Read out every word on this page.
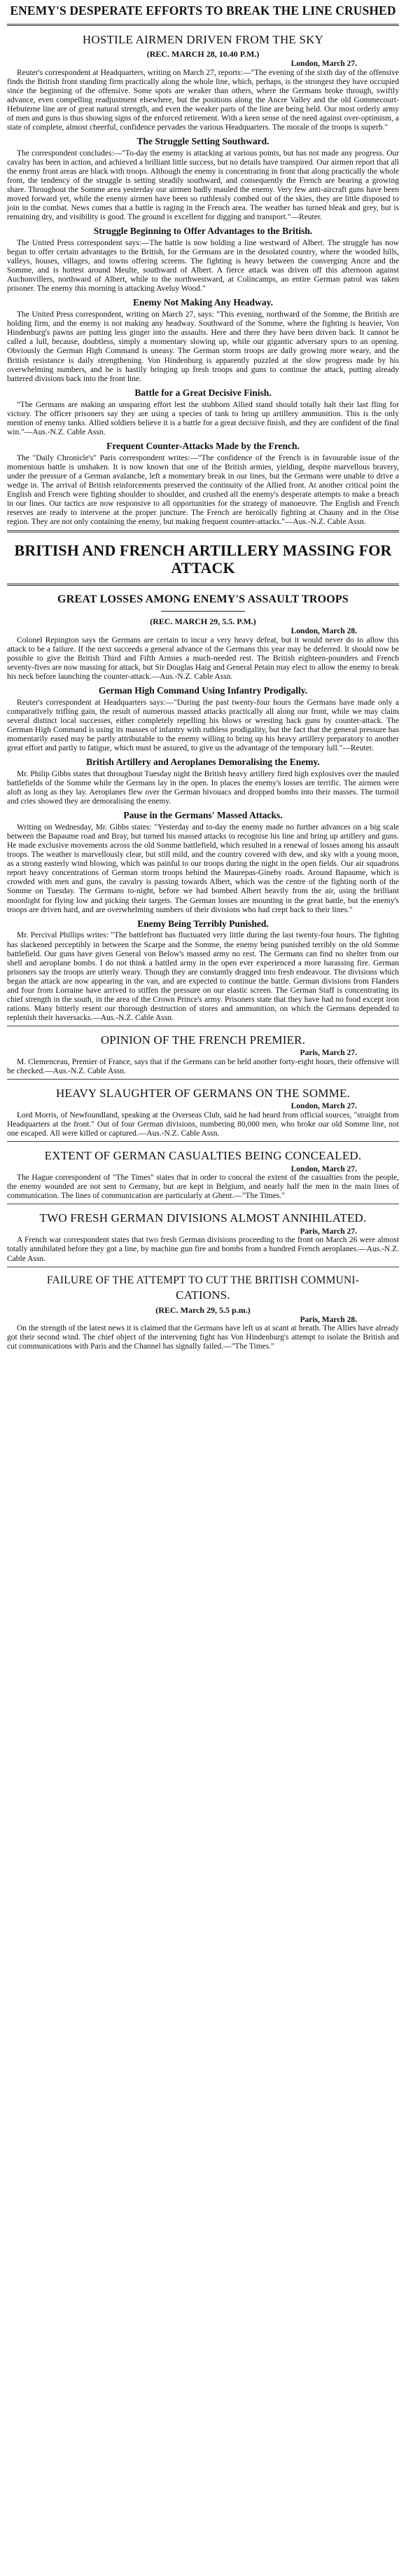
ENEMY'S DESPERATE EFFORTS TO BREAK THE LINE CRUSHED
HOSTILE AIRMEN DRIVEN FROM THE SKY
(REC. MARCH 28, 10.40 P.M.)
London, March 27.

Reuter's correspondent at Headquarters, writing on March 27, reports:—"The evening of the sixth day of the offensive finds the British front standing firm practically along the whole line, which, perhaps, is the strongest they have occupied since the beginning of the offensive. Some spots are weaker than others, where the Germans broke through, swiftly advance, even compelling readjustment elsewhere, but the positions along the Ancre Valley and the old Gommecourt-Hebuterne line are of great natural strength, and even the weaker parts of the line are being held. Our most orderly army of men and guns is thus showing signs of the enforced retirement. With a keen sense of the need against over-optimism, a state of complete, almost cheerful, confidence pervades the various Headquarters. The morale of the troops is superb."

The Struggle Setting Southward.

The correspondent concludes:—"To-day the enemy is attacking at various points, but has not made any progress. Our cavalry has been in action, and achieved a brilliant little success, but no details have transpired. Our airmen report that all the enemy front areas are black with troops. Although the enemy is concentrating in front that along practically the whole front, the tendency of the struggle is setting steadily southward, and consequently the French are bearing a growing share. Throughout the Somme area yesterday our airmen badly mauled the enemy. Very few anti-aircraft guns have been moved forward yet, while the enemy airmen have been so ruthlessly combed out of the skies, they are little disposed to join in the combat. News comes that a battle is raging in the French area. The weather has turned bleak and grey, but is remaining dry, and visibility is good. The ground is excellent for digging and transport."—Reuter.

Struggle Beginning to Offer Advantages to the British.

The United Press correspondent says:—The battle is now holding a line westward of Albert. The struggle has now begun to offer certain advantages to the British, for the Germans are in the desolated country, where the wooded hills, valleys, houses, villages, and towns offering screens. The fighting is heavy between the converging Ancre and the Somme, and is hottest around Meulte, southward of Albert. A fierce attack was driven off this afternoon against Auchonvillers, northward of Albert, while to the northwestward, at Colincamps, an entire German patrol was taken prisoner. The enemy this morning is attacking Aveluy Wood."

Enemy Not Making Any Headway.

The United Press correspondent, writing on March 27, says: "This evening, northward of the Somme, the British are holding firm, and the enemy is not making any headway. Southward of the Somme, where the fighting is heavier, Von Hindenburg's pawns are putting less ginger into the assaults. Here and there they have been driven back. It cannot be called a lull, because, doubtless, simply a momentary slowing up, while our gigantic adversary spurs to an opening. Obviously the German High Command is uneasy. The German storm troops are daily growing more weary, and the British resistance is daily strengthening. Von Hindenburg is apparently puzzled at the slow progress made by his overwhelming numbers, and he is hastily bringing up fresh troops and guns to continue the attack, putting already battered divisions back into the front line.

Battle for a Great Decisive Finish.

"The Germans are making an unsparing effort lest the stubborn Allied stand should totally halt their last fling for victory. The officer prisoners say they are using a species of tank to bring up artillery ammunition. This is the only mention of enemy tanks. Allied soldiers believe it is a battle for a great decisive finish, and they are confident of the final win."—Aus.-N.Z. Cable Assn.

Frequent Counter-Attacks Made by the French.

The "Daily Chronicle's" Paris correspondent writes:—"The confidence of the French is in favourable issue of the momentous battle is unshaken. It is now known that one of the British armies, yielding, despite marvellous bravery, under the pressure of a German avalanche, left a momentary break in our lines, but the Germans were unable to drive a wedge in. The arrival of British reinforcements preserved the continuity of the Allied front. At another critical point the English and French were fighting shoulder to shoulder, and crushed all the enemy's desperate attempts to make a breach in our lines. Our tactics are now responsive to all opportunities for the strategy of manoeuvre. The English and French reserves are ready to intervene at the proper juncture. The French are heroically fighting at Chauny and in the Oise region. They are not only containing the enemy, but making frequent counter-attacks."—Aus.-N.Z. Cable Assn.

BRITISH AND FRENCH ARTILLERY MASSING FOR ATTACK
GREAT LOSSES AMONG ENEMY'S ASSAULT TROOPS
(REC. MARCH 29, 5.5. P.M.)
London, March 28.

Colonel Repington says the Germans are certain to incur a very heavy defeat, but it would never do to allow this attack to be a failure. If the next succeeds a general advance of the Germans this year may be deferred. It should now be possible to give the British Third and Fifth Armies a much-needed rest. The British eighteen-pounders and French seventy-fives are now massing for attack, but Sir Douglas Haig and General Petain may elect to allow the enemy to break his neck before launching the counter-attack.—Aus.-N.Z. Cable Assn.

German High Command Using Infantry Prodigally.

Reuter's correspondent at Headquarters says:—"During the past twenty-four hours the Germans have made only a comparatively trifling gain, the result of numerous massed attacks practically all along our front, while we may claim several distinct local successes, either completely repelling his blows or wresting back guns by counter-attack. The German High Command is using its masses of infantry with ruthless prodigality, but the fact that the general pressure has momentarily eased may be partly attributable to the enemy willing to bring up his heavy artillery preparatory to another great effort and partly to fatigue, which must be assured, to give us the advantage of the temporary lull."—Reuter.

British Artillery and Aeroplanes Demoralising the Enemy.

Mr. Philip Gibbs states that throughout Tuesday night the British heavy artillery fired high explosives over the mauled battlefields of the Somme while the Germans lay in the open. In places the enemy's losses are terrific. The airmen were aloft as long as they lay. Aeroplanes flew over the German bivouacs and dropped bombs into their masses. The turmoil and cries showed they are demoralising the enemy.

Pause in the Germans' Massed Attacks.

Writing on Wednesday, Mr. Gibbs states: "Yesterday and to-day the enemy made no further advances on a big scale between the Bapaume road and Bray, but turned his massed attacks to recognise his line and bring up artillery and guns. He made exclusive movements across the old Somme battlefield, which resulted in a renewal of losses among his assault troops. The weather is marvellously clear, but still mild, and the country covered with dew, and sky with a young moon, as a strong easterly wind blowing, which was painful to our troops during the night in the open fields. Our air squadrons report heavy concentrations of German storm troops behind the Maurepas-Gineby roads. Around Bapaume, which is crowded with men and guns, the cavalry is passing towards Albert, which was the centre of the fighting north of the Somme on Tuesday. The Germans to-night, before we had bombed Albert heavily from the air, using the brilliant moonlight for flying low and picking their targets. The German losses are mounting in the great battle, but the enemy's troops are driven hard, and are overwhelming numbers of their divisions who had crept back to their lines."

Enemy Being Terribly Punished.

Mr. Percival Phillips writes: "The battlefront has fluctuated very little during the last twenty-four hours. The fighting has slackened perceptibly in between the Scarpe and the Somme, the enemy being punished terribly on the old Somme battlefield. Our guns have given General von Below's massed army no rest. The Germans can find no shelter from our shell and aeroplane bombs. I do not think a battled army in the open ever experienced a more harassing fire. German prisoners say the troops are utterly weary. Though they are constantly dragged into fresh endeavour. The divisions which began the attack are now appearing in the van, and are expected to continue the battle. German divisions from Flanders and four from Lorraine have arrived to stiffen the pressure on our elastic screen. The German Staff is concentrating its chief strength in the south, in the area of the Crown Prince's army. Prisoners state that they have had no food except iron rations. Many bitterly resent our thorough destruction of stores and ammunition, on which the Germans depended to replenish their haversacks.—Aus.-N.Z. Cable Assn.

OPINION OF THE FRENCH PREMIER.
Paris, March 27.

M. Clemenceau, Premier of France, says that if the Germans can be held another forty-eight hours, their offensive will be checked.—Aus.-N.Z. Cable Assn.

HEAVY SLAUGHTER OF GERMANS ON THE SOMME.
London, March 27.

Lord Morris, of Newfoundland, speaking at the Overseas Club, said he had heard from official sources, "straight from Headquarters at the front." Out of four German divisions, numbering 80,000 men, who broke our old Somme line, not one escaped. All were killed or captured.—Aus.-N.Z. Cable Assn.

EXTENT OF GERMAN CASUALTIES BEING CONCEALED.
London, March 27.

The Hague correspondent of "The Times" states that in order to conceal the extent of the casualties from the people, the enemy wounded are not sent to Germany, but are kept in Belgium, and nearly half the men in the main lines of communication. The lines of communication are particularly at Ghent.—"The Times."

TWO FRESH GERMAN DIVISIONS ALMOST ANNIHILATED.
Paris, March 27.

A French war correspondent states that two fresh German divisions proceeding to the front on March 26 were almost totally annihilated before they got a line, by machine gun fire and bombs from a hundred French aeroplanes.—Aus.-N.Z. Cable Assn.

FAILURE OF THE ATTEMPT TO CUT THE BRITISH COMMUNI-
CATIONS.
(REC. March 29, 5.5 p.m.)
Paris, March 28.

On the strength of the latest news it is claimed that the Germans have left us at scant at breath. The Allies have already got their second wind. The chief object of the intervening fight has Von Hindenburg's attempt to isolate the British and cut communications with Paris and the Channel has signally failed.—"The Times."
